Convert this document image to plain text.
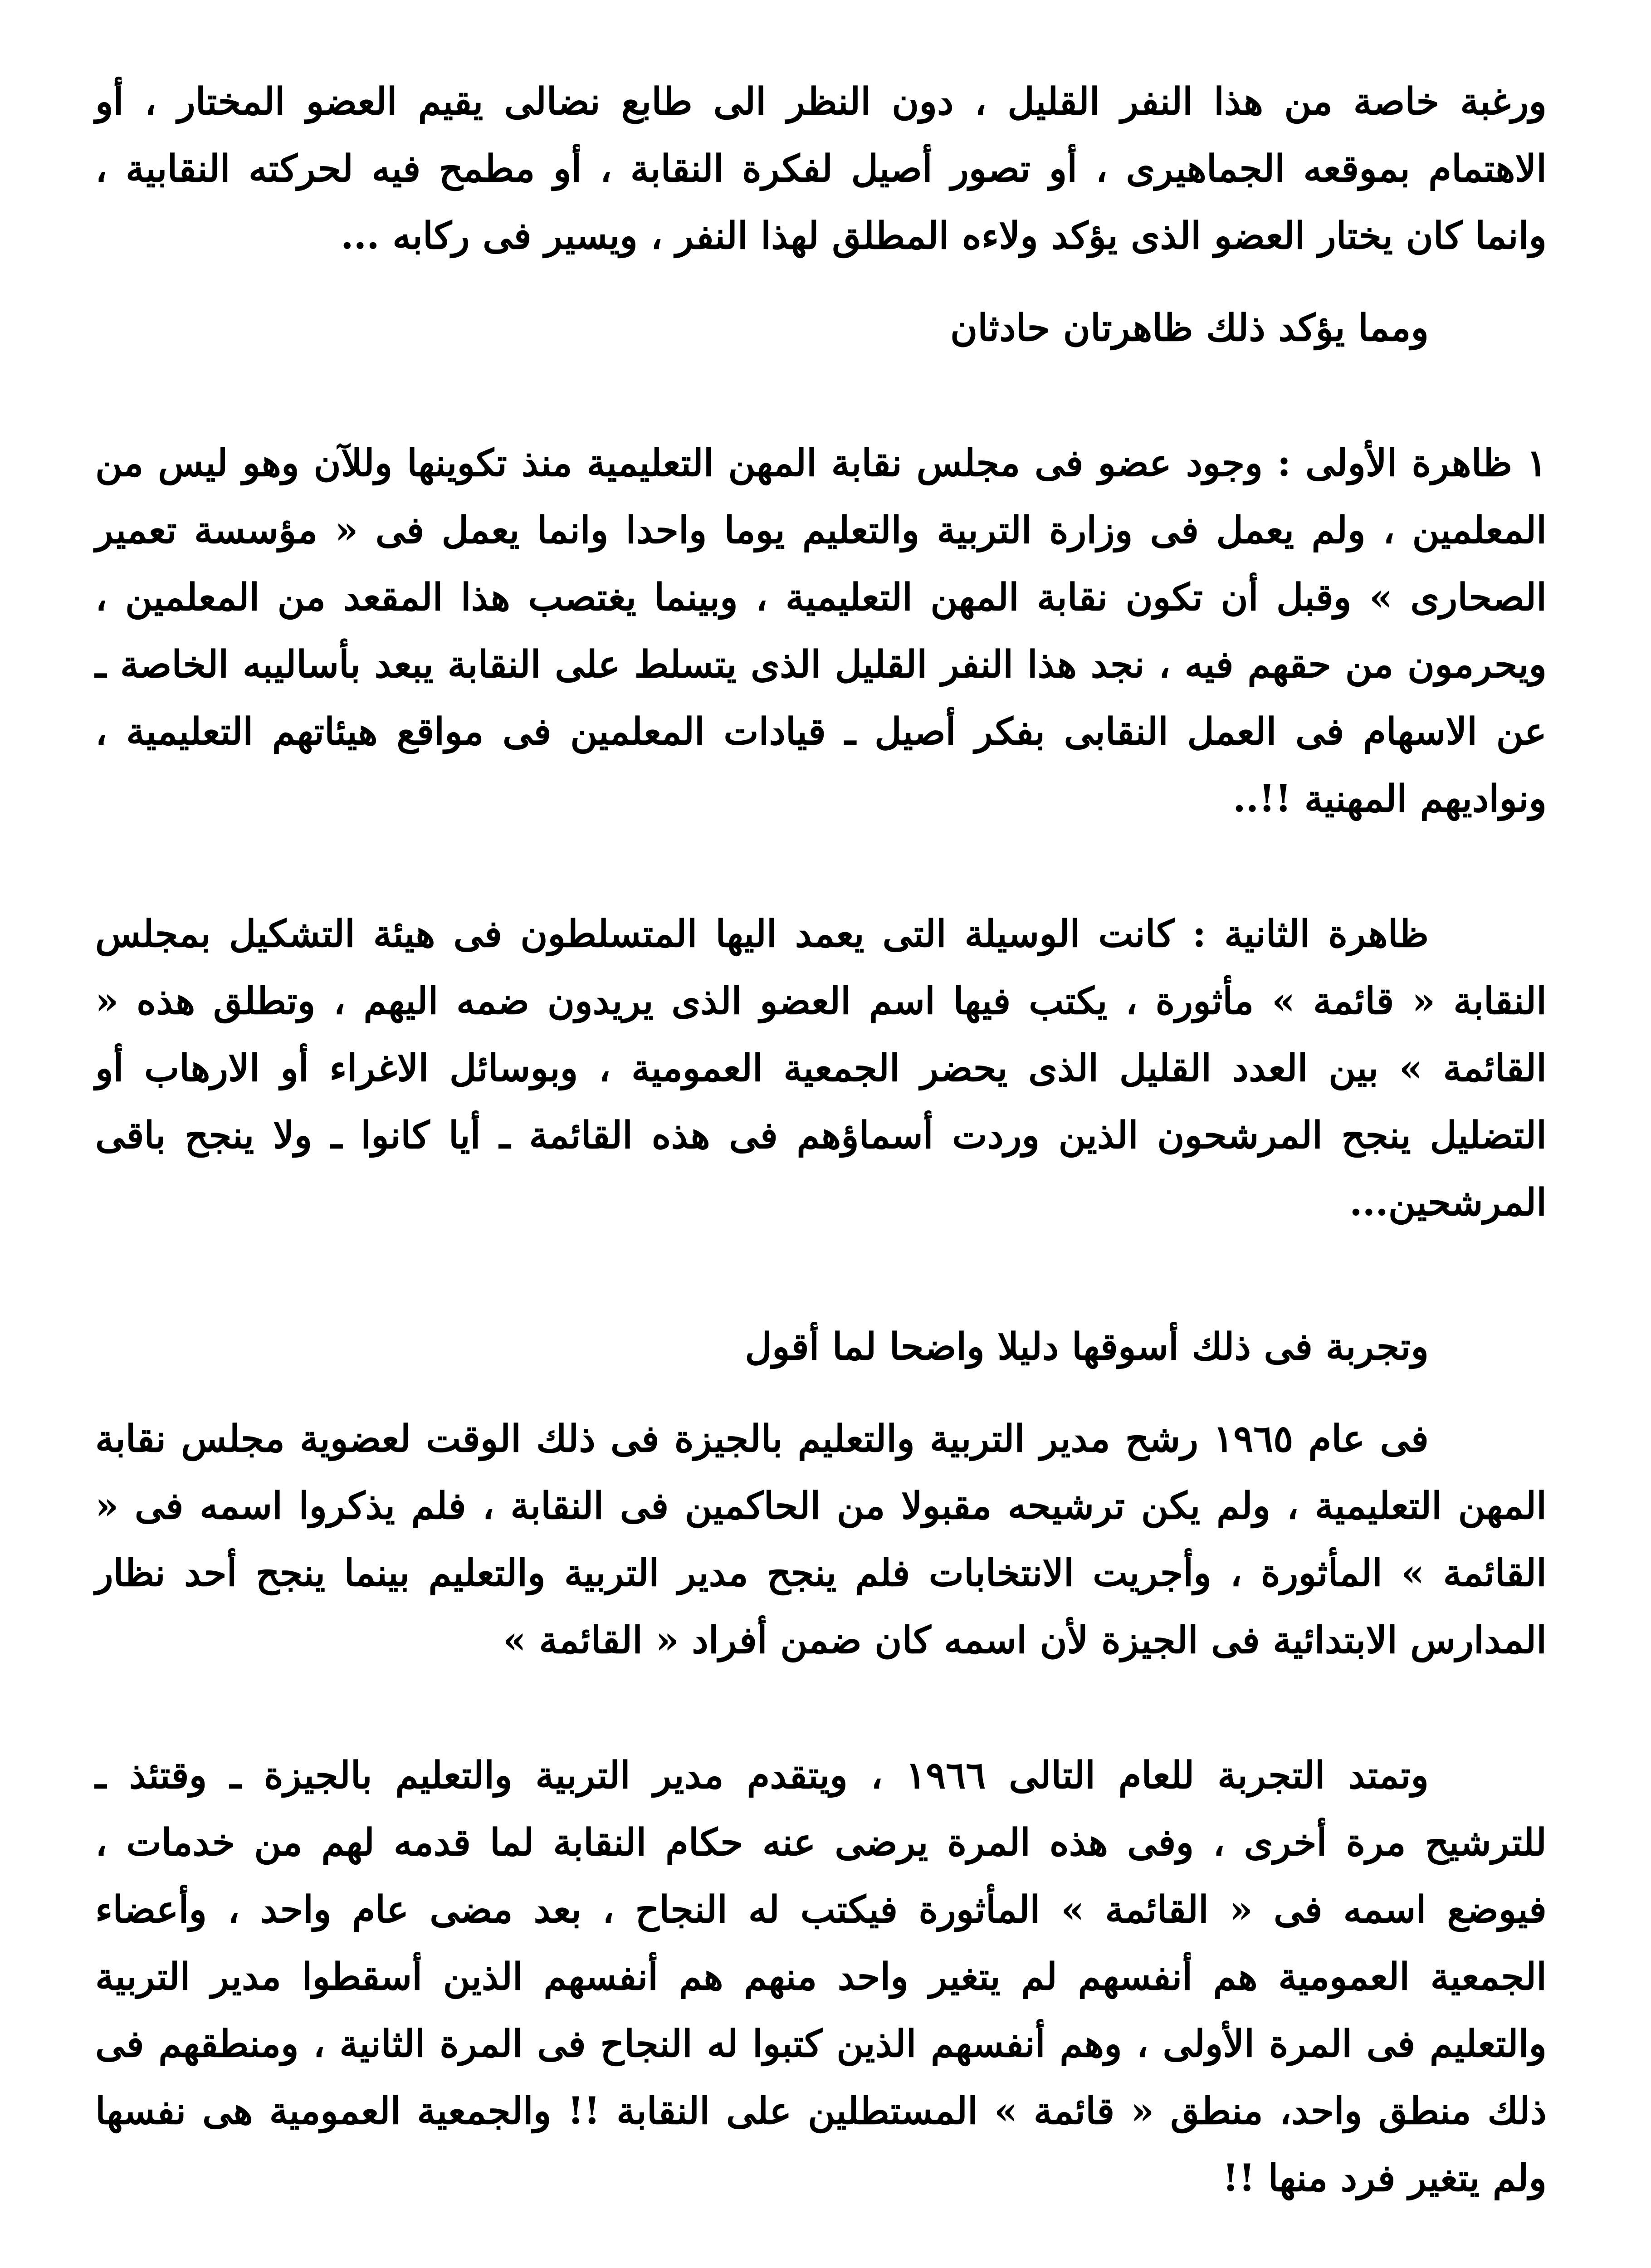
ورغبة خاصة من هذا النفر القليل ، دون النظر الى طابع نضالى يقيم العضو المختار ، أو الاهتمام بموقعه الجماهيرى ، أو تصور أصيل لفكرة النقابة ، أو مطمح فيه لحركته النقابية ، وانما كان يختار العضو الذى يؤكد ولاءه المطلق لهذا النفر ، ويسير فى ركابه ...

ومما يؤكد ذلك ظاهرتان حادثان

١ ظاهرة الأولى : وجود عضو فى مجلس نقابة المهن التعليمية منذ تكوينها وللآن وهو ليس من المعلمين ، ولم يعمل فى وزارة التربية والتعليم يوما واحدا وانما يعمل فى « مؤسسة تعمير الصحارى » وقبل أن تكون نقابة المهن التعليمية ، وبينما يغتصب هذا المقعد من المعلمين ، ويحرمون من حقهم فيه ، نجد هذا النفر القليل الذى يتسلط على النقابة يبعد بأساليبه الخاصة ـ عن الاسهام فى العمل النقابى بفكر أصيل ـ قيادات المعلمين فى مواقع هيئاتهم التعليمية ، ونواديهم المهنية !!..

ظاهرة الثانية : كانت الوسيلة التى يعمد اليها المتسلطون فى هيئة التشكيل بمجلس النقابة « قائمة » مأثورة ، يكتب فيها اسم العضو الذى يريدون ضمه اليهم ، وتطلق هذه « القائمة » بين العدد القليل الذى يحضر الجمعية العمومية ، وبوسائل الاغراء أو الارهاب أو التضليل ينجح المرشحون الذين وردت أسماؤهم فى هذه القائمة ـ أيا كانوا ـ ولا ينجح باقى المرشحين...

وتجربة فى ذلك أسوقها دليلا واضحا لما أقول

فى عام ١٩٦٥ رشح مدير التربية والتعليم بالجيزة فى ذلك الوقت لعضوية مجلس نقابة المهن التعليمية ، ولم يكن ترشيحه مقبولا من الحاكمين فى النقابة ، فلم يذكروا اسمه فى « القائمة » المأثورة ، وأجريت الانتخابات فلم ينجح مدير التربية والتعليم بينما ينجح أحد نظار المدارس الابتدائية فى الجيزة لأن اسمه كان ضمن أفراد « القائمة »

وتمتد التجربة للعام التالى ١٩٦٦ ، ويتقدم مدير التربية والتعليم بالجيزة ـ وقتئذ ـ للترشيح مرة أخرى ، وفى هذه المرة يرضى عنه حكام النقابة لما قدمه لهم من خدمات ، فيوضع اسمه فى « القائمة » المأثورة فيكتب له النجاح ، بعد مضى عام واحد ، وأعضاء الجمعية العمومية هم أنفسهم لم يتغير واحد منهم هم أنفسهم الذين أسقطوا مدير التربية والتعليم فى المرة الأولى ، وهم أنفسهم الذين كتبوا له النجاح فى المرة الثانية ، ومنطقهم فى ذلك منطق واحد، منطق « قائمة » المستطلين على النقابة !! والجمعية العمومية هى نفسها ولم يتغير فرد منها !!
